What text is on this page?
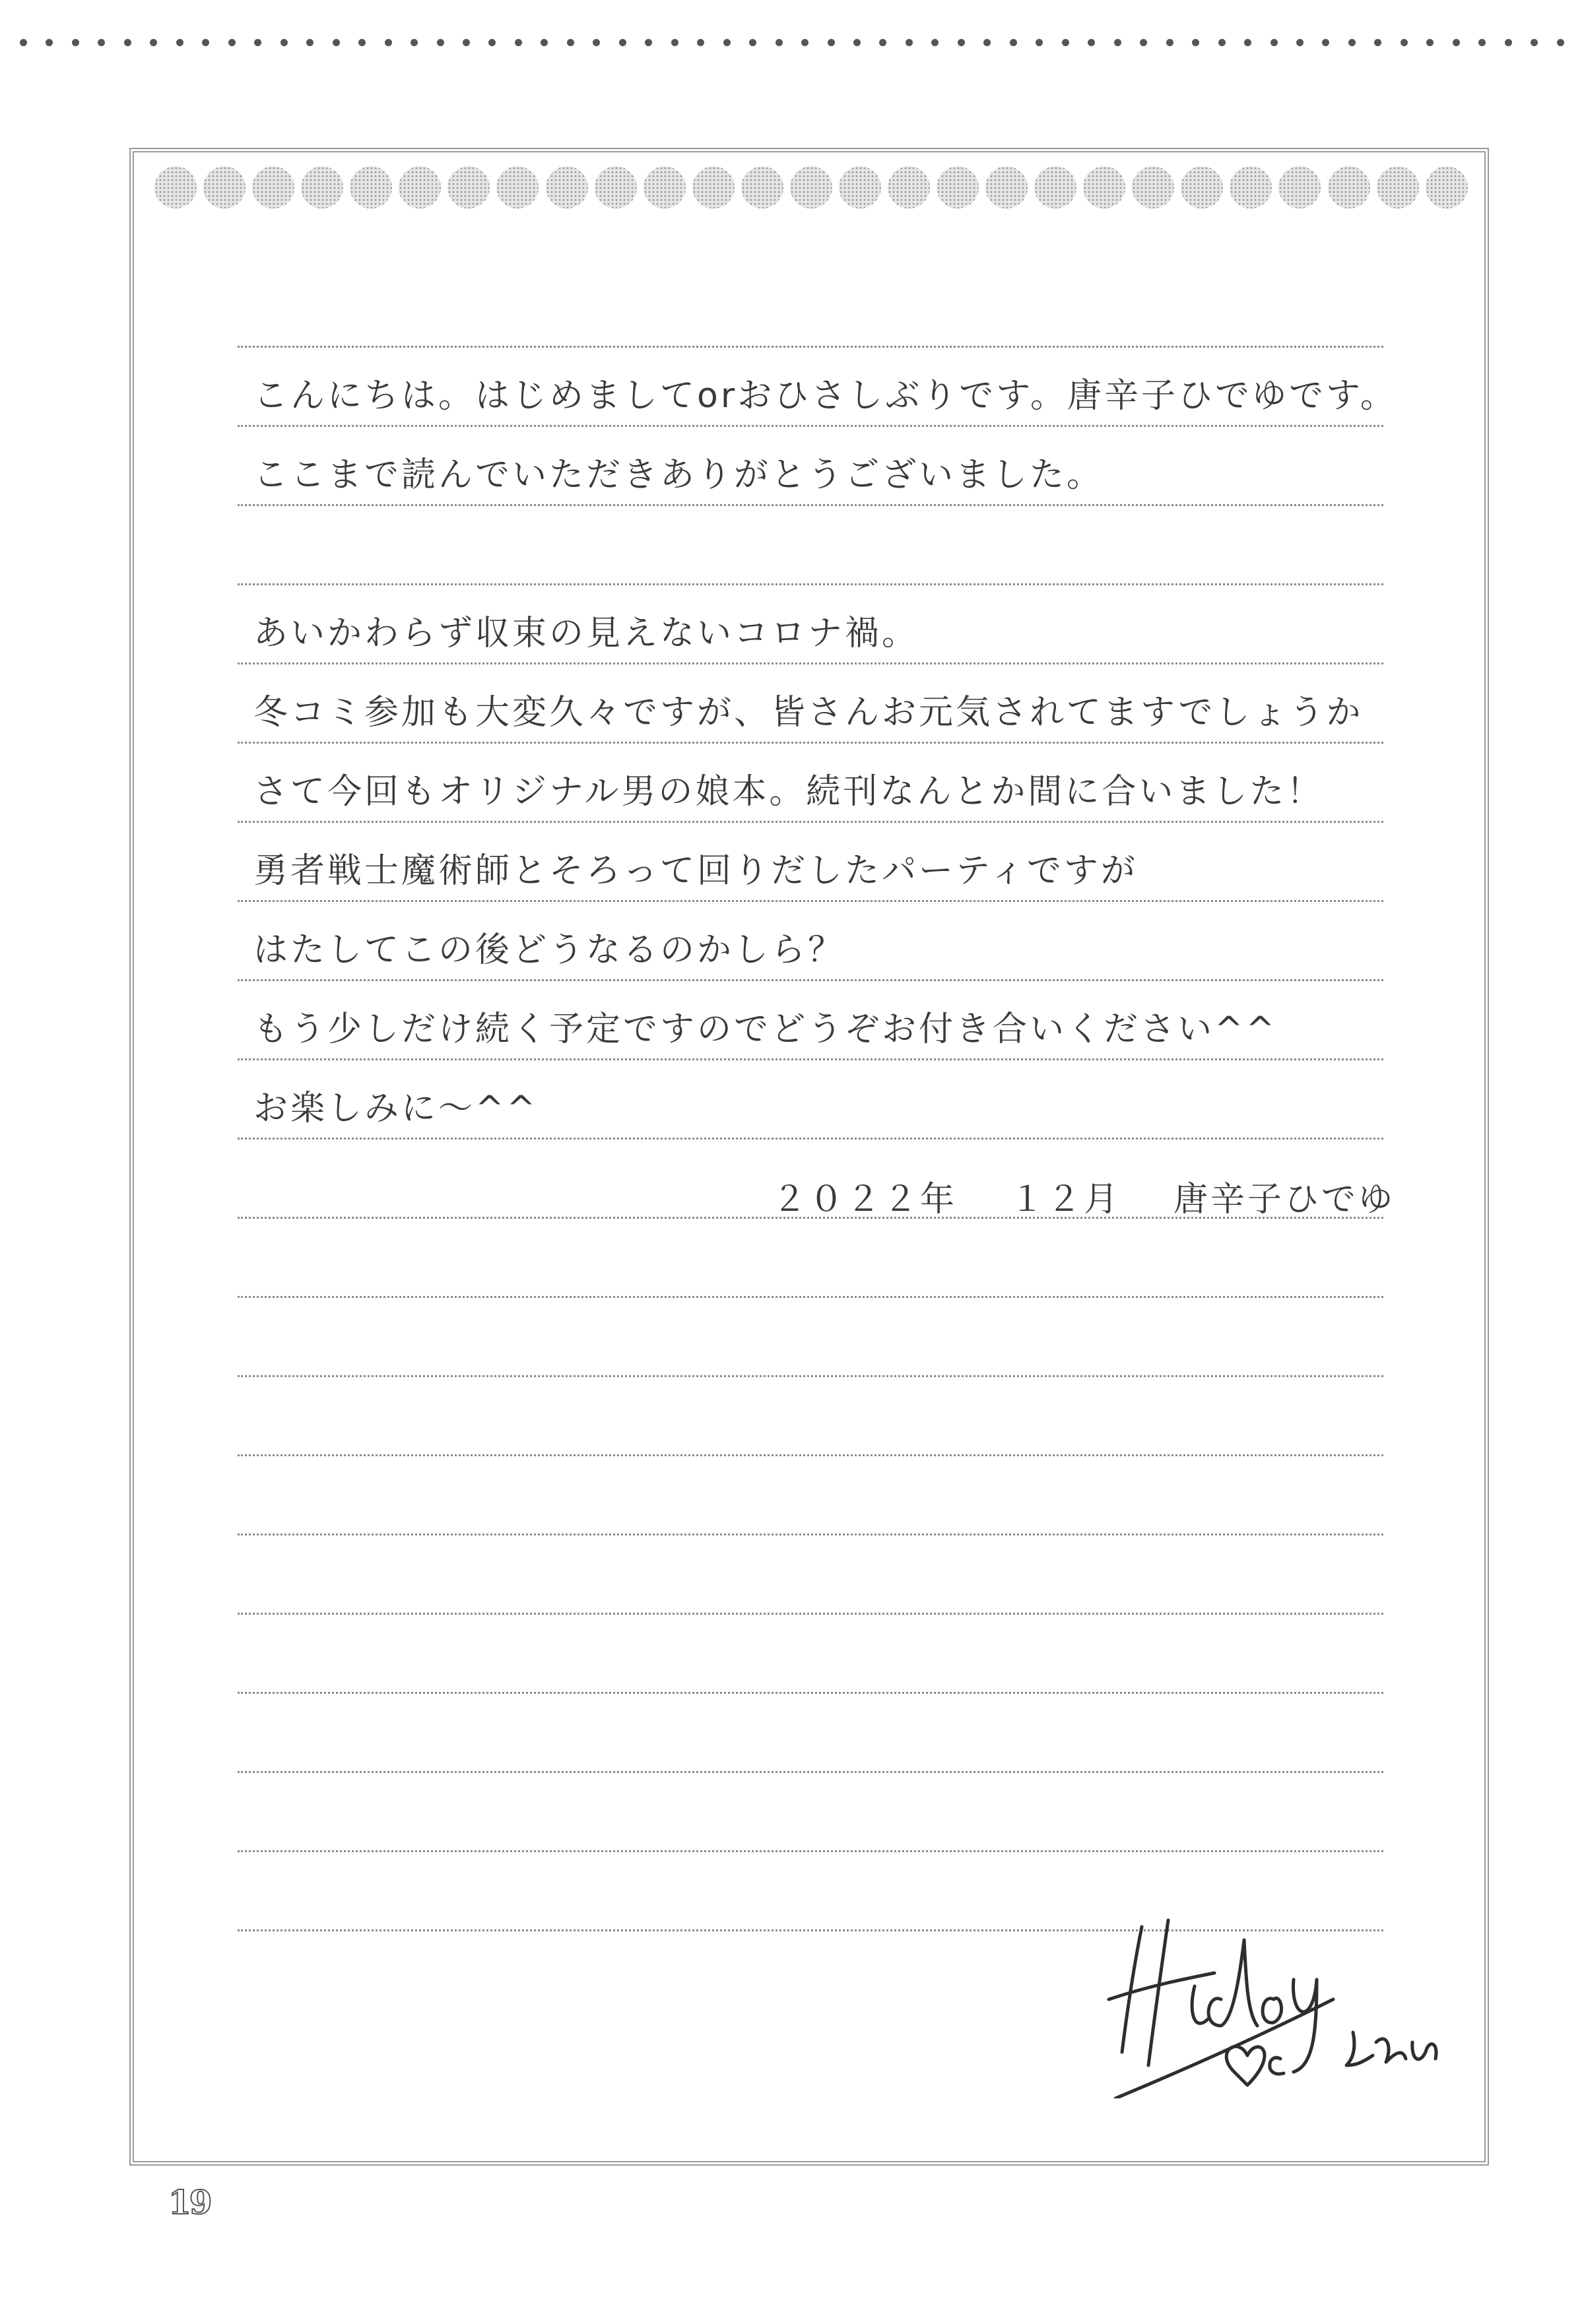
こんにちは。はじめましてorおひさしぶりです。唐辛子ひでゆです。
ここまで読んでいただきありがとうございました。
あいかわらず収束の見えないコロナ禍。
冬コミ参加も大変久々ですが、皆さんお元気されてますでしょうか
さて今回もオリジナル男の娘本。続刊なんとか間に合いました！
勇者戦士魔術師とそろって回りだしたパーティですが
はたしてこの後どうなるのかしら？
もう少しだけ続く予定ですのでどうぞお付き合いください^^
お楽しみに〜^^
２０２２年 １２月 唐辛子ひでゆ
19
